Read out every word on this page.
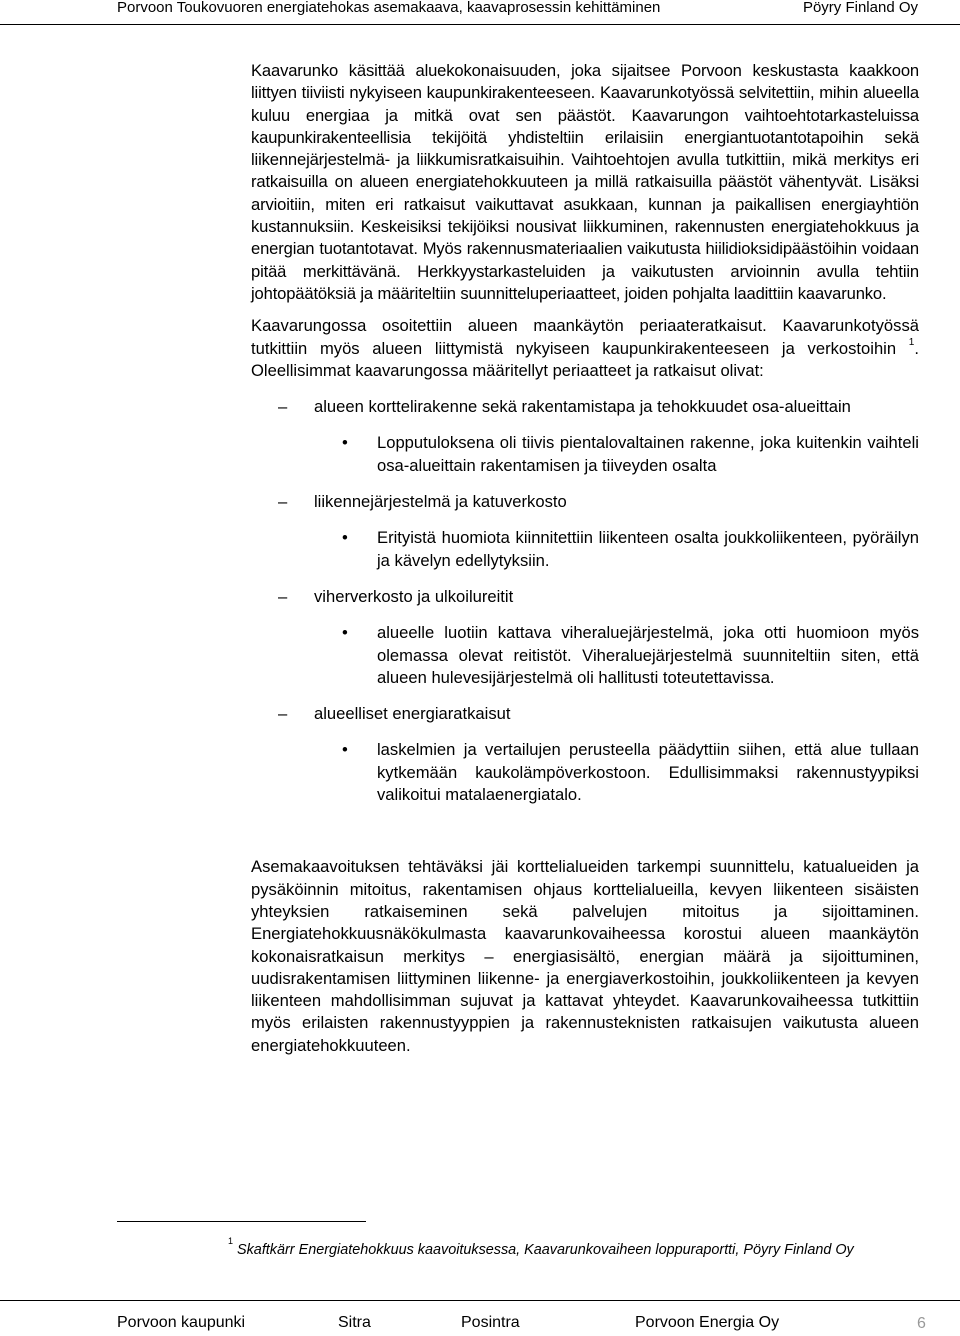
Porvoon Toukovuoren energiatehokas asemakaava, kaavaprosessin kehittäminen	Pöyry Finland Oy

Kaavarunko käsittää aluekokonaisuuden, joka sijaitsee Porvoon keskustasta kaakkoon liittyen tiiviisti nykyiseen kaupunkirakenteeseen. Kaavarunkotyössä selvitettiin, mihin alueella kuluu energiaa ja mitkä ovat sen päästöt. Kaavarungon vaihtoehtotarkasteluissa kaupunkirakenteellisia tekijöitä yhdisteltiin erilaisiin energiantuotantotapoihin sekä liikennejärjestelmä- ja liikkumisratkaisuihin. Vaihtoehtojen avulla tutkittiin, mikä merkitys eri ratkaisuilla on alueen energiatehokkuuteen ja millä ratkaisuilla päästöt vähentyvät. Lisäksi arvioitiin, miten eri ratkaisut vaikuttavat asukkaan, kunnan ja paikallisen energiayhtiön kustannuksiin. Keskeisiksi tekijöiksi nousivat liikkuminen, rakennusten energiatehokkuus ja energian tuotantotavat. Myös rakennusmateriaalien vaikutusta hiilidioksidipäästöihin voidaan pitää merkittävänä. Herkkyystarkasteluiden ja vaikutusten arvioinnin avulla tehtiin johtopäätöksiä ja määriteltiin suunnitteluperiaatteet, joiden pohjalta laadittiin kaavarunko.

Kaavarungossa osoitettiin alueen maankäytön periaateratkaisut. Kaavarunkotyössä tutkittiin myös alueen liittymistä nykyiseen kaupunkirakenteeseen ja verkostoihin $^1$. Oleellisimmat kaavarungossa määritellyt periaatteet ja ratkaisut olivat:

–	alueen korttelirakenne sekä rakentamistapa ja tehokkuudet osa-alueittain
•	Lopputuloksena oli tiivis pientalovaltainen rakenne, joka kuitenkin vaihteli osa-alueittain rakentamisen ja tiiveyden osalta
–	liikennejärjestelmä ja katuverkosto
•	Erityistä huomiota kiinnitettiin liikenteen osalta joukkoliikenteen, pyöräilyn ja kävelyn edellytyksiin.
–	viherverkosto ja ulkoilureitit
•	alueelle luotiin kattava viheraluejärjestelmä, joka otti huomioon myös olemassa olevat reitistöt. Viheraluejärjestelmä suunniteltiin siten, että alueen hulevesijärjestelmä oli hallitusti toteutettavissa.
–	alueelliset energiaratkaisut
•	laskelmien ja vertailujen perusteella päädyttiin siihen, että alue tullaan kytkemään kaukolämpöverkostoon. Edullisimmaksi rakennustyypiksi valikoitui matalaenergiatalo.

Asemakaavoituksen tehtäväksi jäi korttelialueiden tarkempi suunnittelu, katualueiden ja pysäköinnin mitoitus, rakentamisen ohjaus korttelialueilla, kevyen liikenteen sisäisten yhteyksien ratkaiseminen sekä palvelujen mitoitus ja sijoittaminen. Energiatehokkuusnäkökulmasta kaavarunkovaiheessa korostui alueen maankäytön kokonaisratkaisun merkitys – energiasisältö, energian määrä ja sijoittuminen, uudisrakentamisen liittyminen liikenne- ja energiaverkostoihin, joukkoliikenteen ja kevyen liikenteen mahdollisimman sujuvat ja kattavat yhteydet. Kaavarunkovaiheessa tutkittiin myös erilaisten rakennustyyppien ja rakennusteknisten ratkaisujen vaikutusta alueen energiatehokkuuteen.

$^1$ Skaftkärr Energiatehokkuus kaavoituksessa, Kaavarunkovaiheen loppuraportti, Pöyry Finland Oy
Porvoon kaupunki	Sitra	Posintra	Porvoon Energia Oy	6
